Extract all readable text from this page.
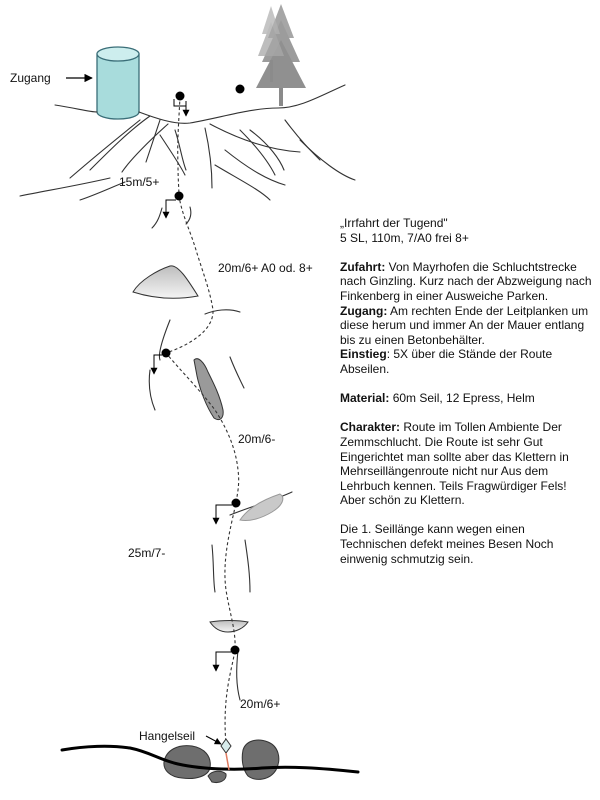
Zugang
15m/5+
20m/6+ A0 od. 8+
20m/6-
25m/7-
20m/6+
Hangelseil

„Irrfahrt der Tugend"

5 SL, 110m, 7/A0 frei 8+

Zufahrt: Von Mayrhofen die Schluchtstrecke nach Ginzling. Kurz nach der Abzweigung nach Finkenberg in einer Ausweiche Parken.

Zugang: Am rechten Ende der Leitplanken um diese herum und immer An der Mauer entlang bis zu einen Betonbehälter.

Einstieg: 5X über die Stände der Route Abseilen.

Material: 60m Seil, 12 Epress, Helm

Charakter: Route im Tollen Ambiente Der Zemmschlucht. Die Route ist sehr Gut Eingerichtet man sollte aber das Klettern in Mehrseillängenroute nicht nur Aus dem Lehrbuch kennen. Teils Fragwürdiger Fels! Aber schön zu Klettern.

Die 1. Seillänge kann wegen einen Technischen defekt meines Besen Noch einwenig schmutzig sein.
